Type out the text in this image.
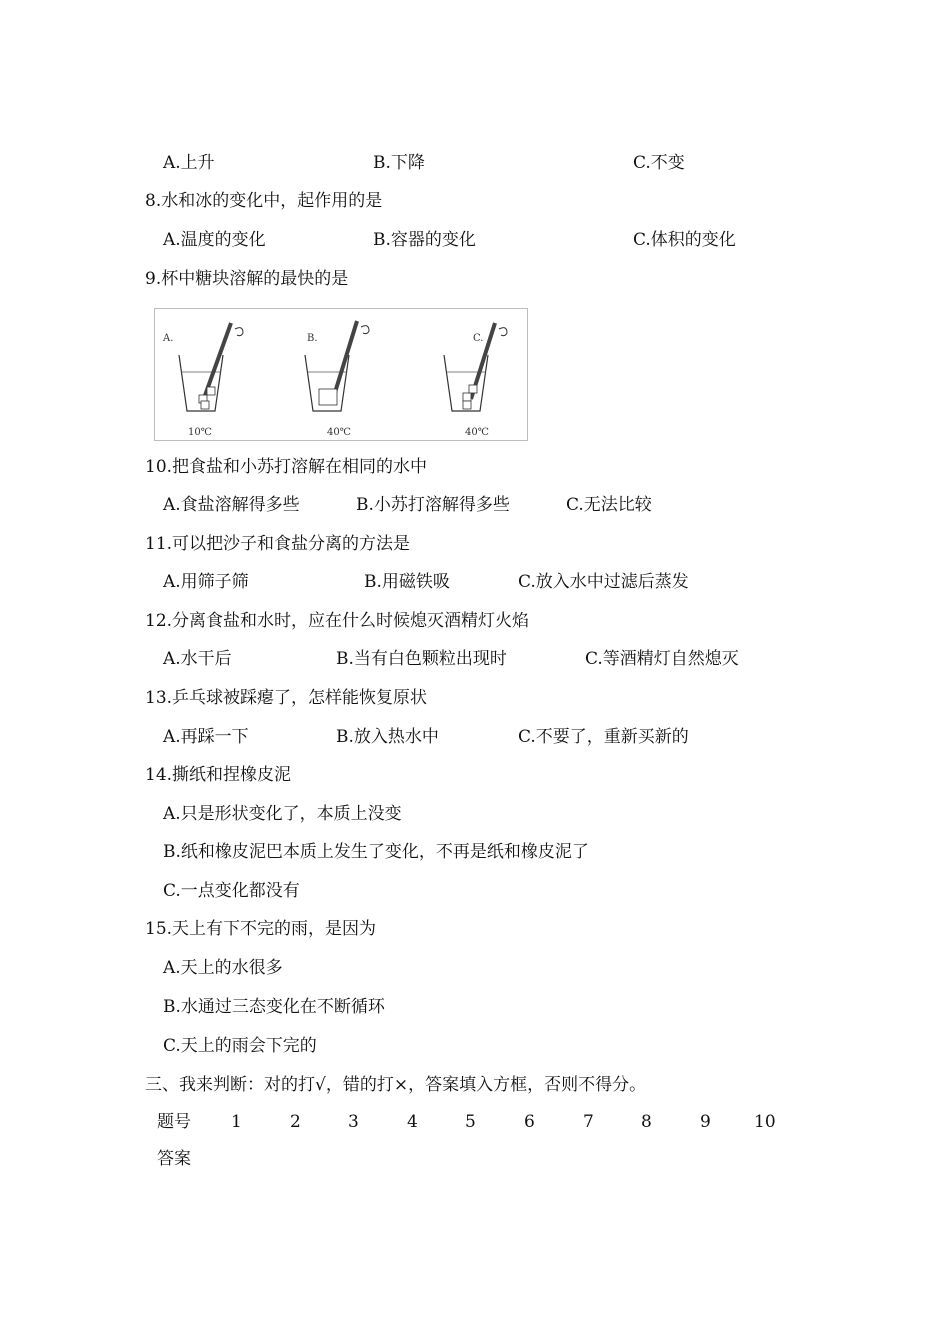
A.上升	B.下降	C.不变
8.水和冰的变化中，起作用的是
A.温度的变化	B.容器的变化	C.体积的变化
9.杯中糖块溶解的最快的是
A.
10℃
B.
40℃
C.
40℃
10.把食盐和小苏打溶解在相同的水中
A.食盐溶解得多些	B.小苏打溶解得多些	C.无法比较
11.可以把沙子和食盐分离的方法是
A.用筛子筛	B.用磁铁吸	C.放入水中过滤后蒸发
12.分离食盐和水时，应在什么时候熄灭酒精灯火焰
A.水干后	B.当有白色颗粒出现时	C.等酒精灯自然熄灭
13.乒乓球被踩瘪了，怎样能恢复原状
A.再踩一下	B.放入热水中	C.不要了，重新买新的
14.撕纸和捏橡皮泥
A.只是形状变化了，本质上没变
B.纸和橡皮泥巴本质上发生了变化，不再是纸和橡皮泥了
C.一点变化都没有
15.天上有下不完的雨，是因为
A.天上的水很多
B.水通过三态变化在不断循环
C.天上的雨会下完的
三、我来判断：对的打√，错的打×，答案填入方框，否则不得分。
题号 1	2	3	4	5	6	7	8	9	10
答案
